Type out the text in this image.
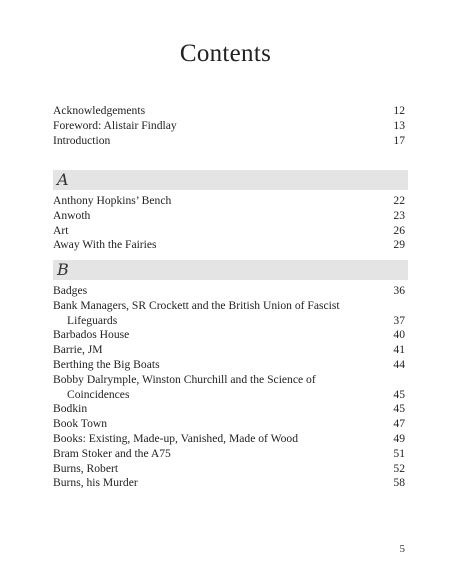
Contents
Acknowledgements	12
Foreword: Alistair Findlay	13
Introduction	17
A
Anthony Hopkins’ Bench	22
Anwoth	23
Art	26
Away With the Fairies	29
B
Badges	36
Bank Managers, SR Crockett and the British Union of Fascist
Lifeguards	37
Barbados House	40
Barrie, JM	41
Berthing the Big Boats	44
Bobby Dalrymple, Winston Churchill and the Science of
Coincidences	45
Bodkin	45
Book Town	47
Books: Existing, Made-up, Vanished, Made of Wood	49
Bram Stoker and the A75	51
Burns, Robert	52
Burns, his Murder	58
5
